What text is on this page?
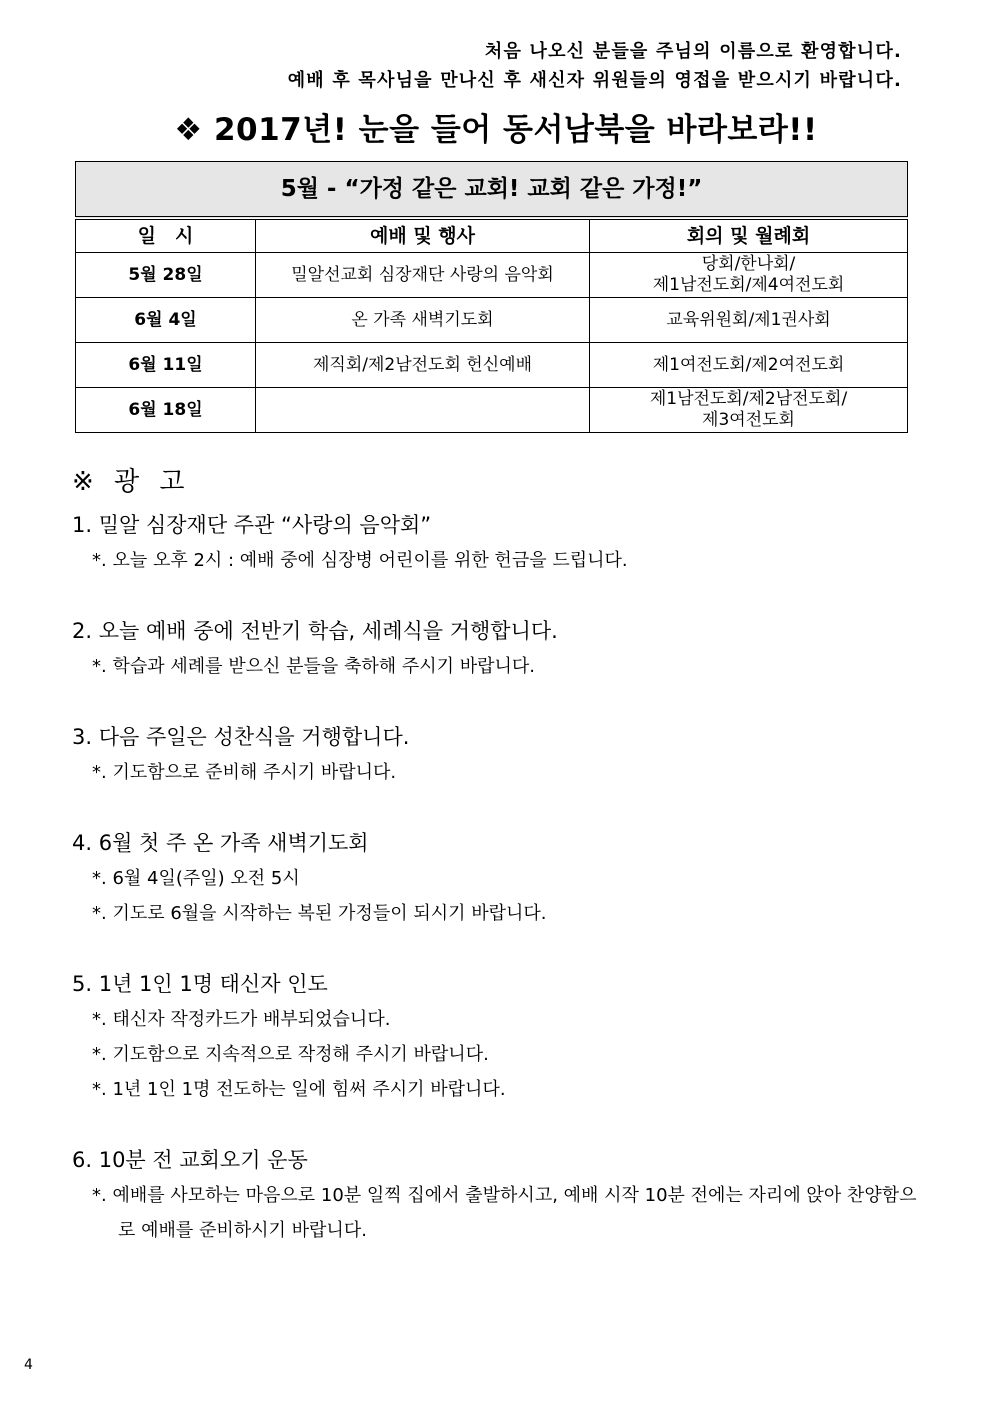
처음 나오신 분들을 주님의 이름으로 환영합니다.
예배 후 목사님을 만나신 후 새신자 위원들의 영접을 받으시기 바랍니다.
❖ 2017년! 눈을 들어 동서남북을 바라보라!!
5월 - “가정 같은 교회! 교회 같은 가정!”		
일　시	예배 및 행사	회의 및 월례회
5월 28일	밀알선교회 심장재단 사랑의 음악회	당회/한나회/
제1남전도회/제4여전도회

6월 4일	온 가족 새벽기도회	교육위원회/제1권사회

6월 11일	제직회/제2남전도회 헌신예배	제1여전도회/제2여전도회

6월 18일		제1남전도회/제2남전도회/
제3여전도회
※ 광 고
1. 밀알 심장재단 주관 “사랑의 음악회”
*. 오늘 오후 2시 : 예배 중에 심장병 어린이를 위한 헌금을 드립니다.
2. 오늘 예배 중에 전반기 학습, 세례식을 거행합니다.
*. 학습과 세례를 받으신 분들을 축하해 주시기 바랍니다.
3. 다음 주일은 성찬식을 거행합니다.
*. 기도함으로 준비해 주시기 바랍니다.
4. 6월 첫 주 온 가족 새벽기도회
*. 6월 4일(주일) 오전 5시
*. 기도로 6월을 시작하는 복된 가정들이 되시기 바랍니다.
5. 1년 1인 1명 태신자 인도
*. 태신자 작정카드가 배부되었습니다.
*. 기도함으로 지속적으로 작정해 주시기 바랍니다.
*. 1년 1인 1명 전도하는 일에 힘써 주시기 바랍니다.
6. 10분 전 교회오기 운동
*. 예배를 사모하는 마음으로 10분 일찍 집에서 출발하시고, 예배 시작 10분 전에는 자리에 앉아 찬양함으로 예배를 준비하시기 바랍니다.
4
